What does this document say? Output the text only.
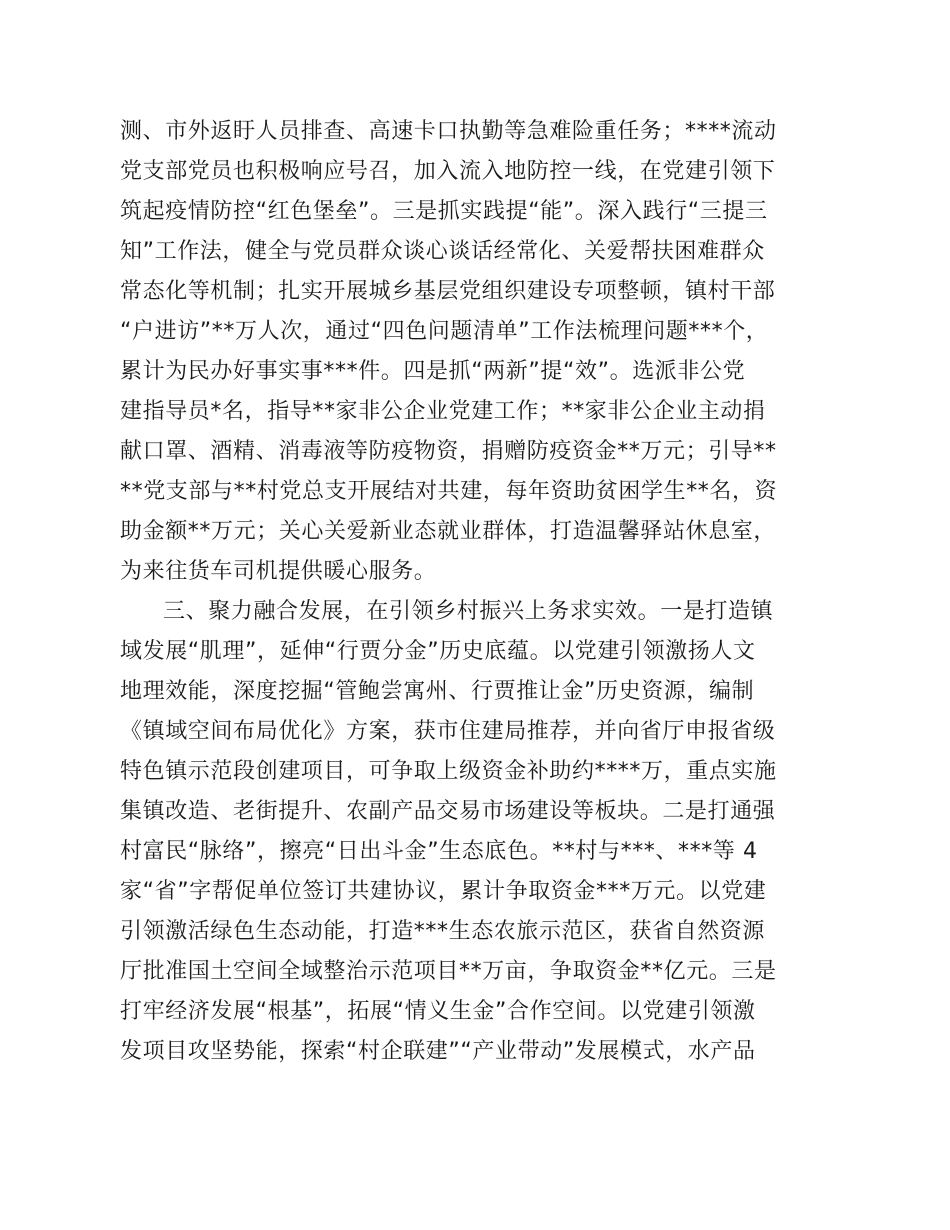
测、市外返盱人员排查、高速卡口执勤等急难险重任务；****流动
党支部党员也积极响应号召，加入流入地防控一线，在党建引领下
筑起疫情防控“红色堡垒”。三是抓实践提“能”。深入践行“三提三
知”工作法，健全与党员群众谈心谈话经常化、关爱帮扶困难群众
常态化等机制；扎实开展城乡基层党组织建设专项整顿，镇村干部
“户进访”**万人次，通过“四色问题清单”工作法梳理问题***个，
累计为民办好事实事***件。四是抓“两新”提“效”。选派非公党
建指导员*名，指导**家非公企业党建工作；**家非公企业主动捐
献口罩、酒精、消毒液等防疫物资，捐赠防疫资金**万元；引导**
**党支部与**村党总支开展结对共建，每年资助贫困学生**名，资
助金额**万元；关心关爱新业态就业群体，打造温馨驿站休息室，
为来往货车司机提供暖心服务。
三、聚力融合发展，在引领乡村振兴上务求实效。一是打造镇
域发展“肌理”，延伸“行贾分金”历史底蕴。以党建引领激扬人文
地理效能，深度挖掘“管鲍尝寓州、行贾推让金”历史资源，编制
《镇域空间布局优化》方案，获市住建局推荐，并向省厅申报省级
特色镇示范段创建项目，可争取上级资金补助约****万，重点实施
集镇改造、老街提升、农副产品交易市场建设等板块。二是打通强
村富民“脉络”，擦亮“日出斗金”生态底色。**村与***、***等 4
家“省”字帮促单位签订共建协议，累计争取资金***万元。以党建
引领激活绿色生态动能，打造***生态农旅示范区，获省自然资源
厅批准国土空间全域整治示范项目**万亩，争取资金**亿元。三是
打牢经济发展“根基”，拓展“情义生金”合作空间。以党建引领激
发项目攻坚势能，探索“村企联建”“产业带动”发展模式，水产品
